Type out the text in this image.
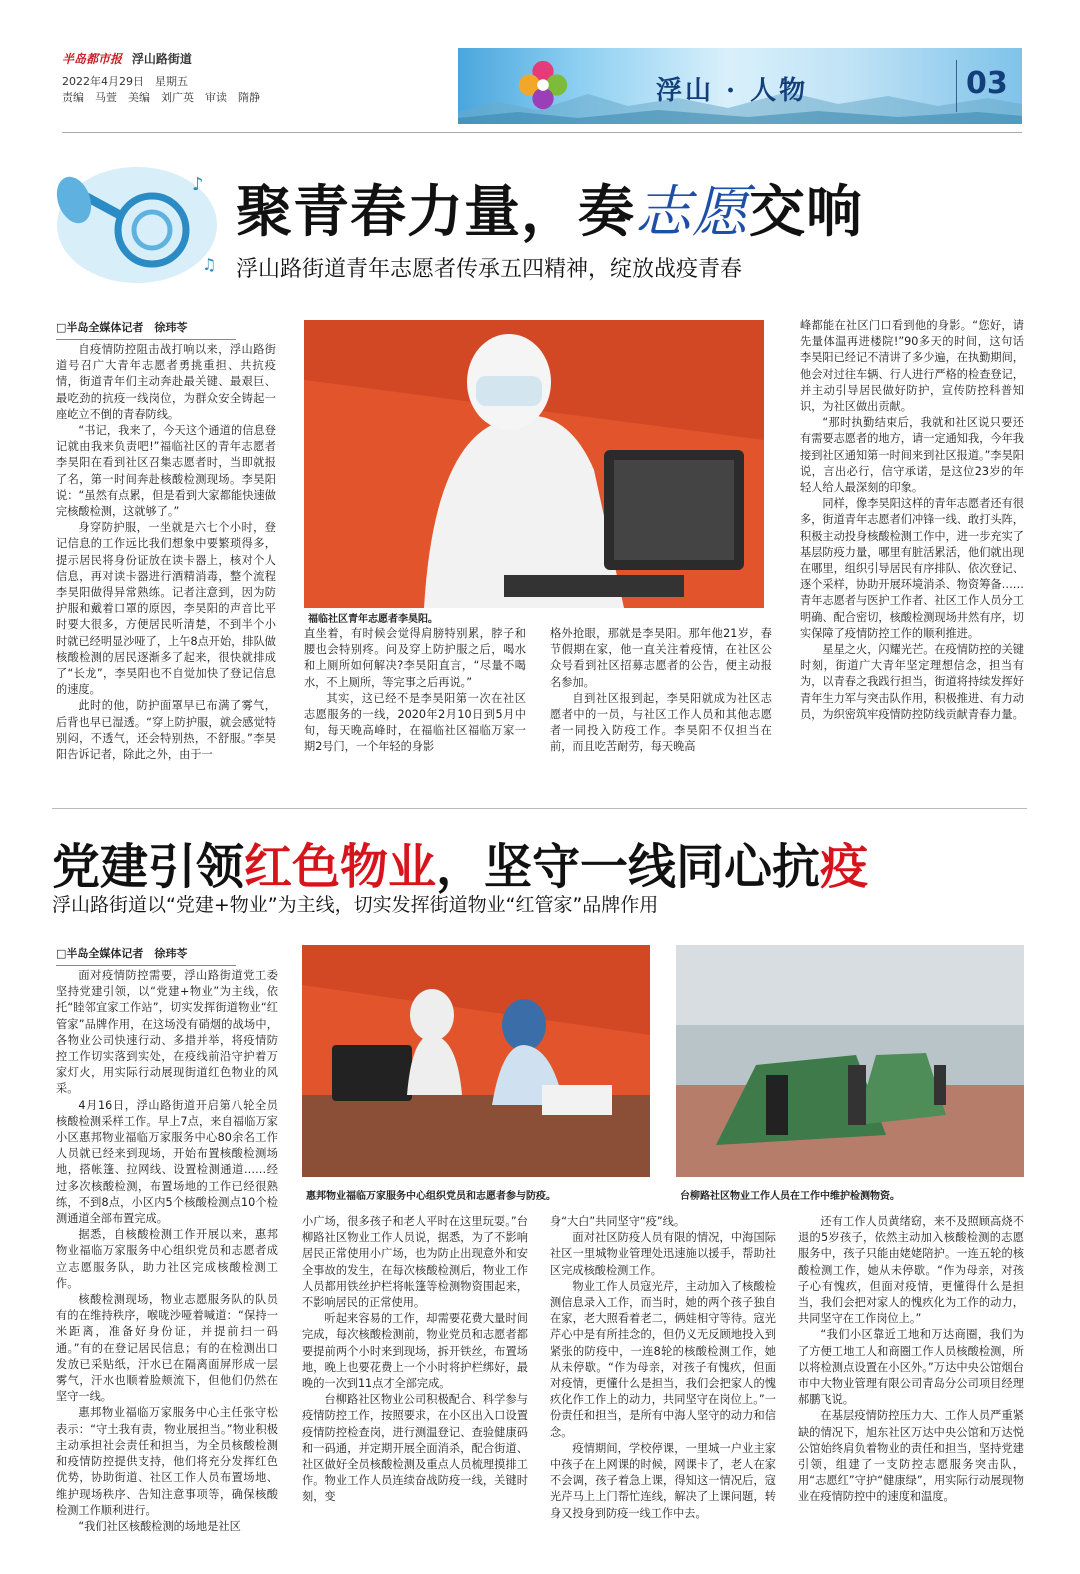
半岛都市报 浮山路街道
2022年4月29日　星期五
责编　马萱　美编　刘广英　审读　隋静	浮山 · 人物	03
♪
♫
聚青春力量，奏志愿交响
浮山路街道青年志愿者传承五四精神，绽放战疫青春
□半岛全媒体记者　徐玮苓

自疫情防控阻击战打响以来，浮山路街道号召广大青年志愿者勇挑重担、共抗疫情，街道青年们主动奔赴最关键、最艰巨、最吃劲的抗疫一线岗位，为群众安全铸起一座屹立不倒的青春防线。

“书记，我来了，今天这个通道的信息登记就由我来负责吧!”福临社区的青年志愿者李昊阳在看到社区召集志愿者时，当即就报了名，第一时间奔赴核酸检测现场。李昊阳说：“虽然有点累，但是看到大家都能快速做完核酸检测，这就够了。”

身穿防护服，一坐就是六七个小时，登记信息的工作远比我们想象中要繁琐得多，提示居民将身份证放在读卡器上，核对个人信息，再对读卡器进行酒精消毒，整个流程李昊阳做得异常熟练。记者注意到，因为防护服和戴着口罩的原因，李昊阳的声音比平时要大很多，方便居民听清楚，不到半个小时就已经明显沙哑了，上午8点开始，排队做核酸检测的居民逐渐多了起来，很快就排成了“长龙”，李昊阳也不自觉加快了登记信息的速度。

此时的他，防护面罩早已布满了雾气，后背也早已湿透。“穿上防护服，就会感觉特别闷，不透气，还会特别热，不舒服。”李昊阳告诉记者，除此之外，由于一

福临社区青年志愿者李昊阳。

直坐着，有时候会觉得肩膀特别累，脖子和腰也会特别疼。问及穿上防护服之后，喝水和上厕所如何解决?李昊阳直言，“尽量不喝水，不上厕所，等完事之后再说。”

其实，这已经不是李昊阳第一次在社区志愿服务的一线，2020年2月10日到5月中旬，每天晚高峰时，在福临社区福临万家一期2号门，一个年轻的身影

格外抢眼，那就是李昊阳。那年他21岁，春节假期在家，他一直关注着疫情，在社区公众号看到社区招募志愿者的公告，便主动报名参加。

自到社区报到起，李昊阳就成为社区志愿者中的一员，与社区工作人员和其他志愿者一同投入防疫工作。李昊阳不仅担当在前，而且吃苦耐劳，每天晚高

峰都能在社区门口看到他的身影。“您好，请先量体温再进楼院!”90多天的时间，这句话李昊阳已经记不清讲了多少遍，在执勤期间，他会对过往车辆、行人进行严格的检查登记，并主动引导居民做好防护，宣传防控科普知识，为社区做出贡献。

“那时执勤结束后，我就和社区说只要还有需要志愿者的地方，请一定通知我，今年我接到社区通知第一时间来到社区报道。”李昊阳说，言出必行，信守承诺，是这位23岁的年轻人给人最深刻的印象。

同样，像李昊阳这样的青年志愿者还有很多，街道青年志愿者们冲锋一线、敢打头阵，积极主动投身核酸检测工作中，进一步充实了基层防疫力量，哪里有脏活累活，他们就出现在哪里，组织引导居民有序排队、依次登记、逐个采样，协助开展环境消杀、物资筹备……青年志愿者与医护工作者、社区工作人员分工明确、配合密切，核酸检测现场井然有序，切实保障了疫情防控工作的顺利推进。

星星之火，闪耀光芒。在疫情防控的关键时刻，街道广大青年坚定理想信念，担当有为，以青春之我践行担当，街道将持续发挥好青年生力军与突击队作用，积极推进、有力动员，为织密筑牢疫情防控防线贡献青春力量。

党建引领红色物业，坚守一线同心抗疫
浮山路街道以“党建+物业”为主线，切实发挥街道物业“红管家”品牌作用
□半岛全媒体记者　徐玮苓

面对疫情防控需要，浮山路街道党工委坚持党建引领，以“党建+物业”为主线，依托“睦邻宜家工作站”，切实发挥街道物业“红管家”品牌作用，在这场没有硝烟的战场中，各物业公司快速行动、多措并举，将疫情防控工作切实落到实处，在疫线前沿守护着万家灯火，用实际行动展现街道红色物业的风采。

4月16日，浮山路街道开启第八轮全员核酸检测采样工作。早上7点，来自福临万家小区惠邦物业福临万家服务中心80余名工作人员就已经来到现场，开始布置核酸检测场地，搭帐篷、拉网线、设置检测通道……经过多次核酸检测，布置场地的工作已经很熟练，不到8点，小区内5个核酸检测点10个检测通道全部布置完成。

据悉，自核酸检测工作开展以来，惠邦物业福临万家服务中心组织党员和志愿者成立志愿服务队，助力社区完成核酸检测工作。

核酸检测现场，物业志愿服务队的队员有的在维持秩序，喉咙沙哑着喊道：“保持一米距离，准备好身份证，并提前扫一码通。”有的在登记居民信息；有的在检测出口发放已采贴纸，汗水已在隔离面屏形成一层雾气，汗水也顺着脸颊流下，但他们仍然在坚守一线。

惠邦物业福临万家服务中心主任张守松表示：“守土我有责，物业展担当。”物业积极主动承担社会责任和担当，为全员核酸检测和疫情防控提供支持，他们将充分发挥红色优势，协助街道、社区工作人员布置场地、维护现场秩序、告知注意事项等，确保核酸检测工作顺利进行。

“我们社区核酸检测的场地是社区

惠邦物业福临万家服务中心组织党员和志愿者参与防疫。	台柳路社区物业工作人员在工作中维护检测物资。

小广场，很多孩子和老人平时在这里玩耍。”台柳路社区物业工作人员说，据悉，为了不影响居民正常使用小广场，也为防止出现意外和安全事故的发生，在每次核酸检测后，物业工作人员都用铁丝护栏将帐篷等检测物资围起来，不影响居民的正常使用。

听起来容易的工作，却需要花费大量时间完成，每次核酸检测前，物业党员和志愿者都要提前两个小时来到现场，拆开铁丝，布置场地，晚上也要花费上一个小时将护栏绑好，最晚的一次到11点才全部完成。

台柳路社区物业公司积极配合、科学参与疫情防控工作，按照要求，在小区出入口设置疫情防控检查岗，进行测温登记、查验健康码和一码通，并定期开展全面消杀，配合街道、社区做好全员核酸检测及重点人员梳理摸排工作。物业工作人员连续奋战防疫一线，关键时刻，变

身“大白”共同坚守“疫”线。

面对社区防疫人员有限的情况，中海国际社区一里城物业管理处迅速施以援手，帮助社区完成核酸检测工作。

物业工作人员寇光芹，主动加入了核酸检测信息录入工作，而当时，她的两个孩子独自在家，老大照看着老二，俩娃相守等待。寇光芹心中是有所挂念的，但仍义无反顾地投入到紧张的防疫中，一连8轮的核酸检测工作，她从未停歇。“作为母亲，对孩子有愧疚，但面对疫情，更懂什么是担当，我们会把家人的愧疚化作工作上的动力，共同坚守在岗位上。”一份责任和担当，是所有中海人坚守的动力和信念。

疫情期间，学校停课，一里城一户业主家中孩子在上网课的时候，网课卡了，老人在家不会调，孩子着急上课，得知这一情况后，寇光芹马上上门帮忙连线，解决了上课问题，转身又投身到防疫一线工作中去。

还有工作人员黄绪窈，来不及照顾高烧不退的5岁孩子，依然主动加入核酸检测的志愿服务中，孩子只能由姥姥陪护。一连五轮的核酸检测工作，她从未停歇。“作为母亲，对孩子心有愧疚，但面对疫情，更懂得什么是担当，我们会把对家人的愧疚化为工作的动力，共同坚守在工作岗位上。”

“我们小区靠近工地和万达商圈，我们为了方便工地工人和商圈工作人员核酸检测，所以将检测点设置在小区外。”万达中央公馆烟台市中大物业管理有限公司青岛分公司项目经理郝鹏飞说。

在基层疫情防控压力大、工作人员严重紧缺的情况下，旭东社区万达中央公馆和万达悦公馆始终肩负着物业的责任和担当，坚持党建引领，组建了一支防控志愿服务突击队，用“志愿红”守护“健康绿”，用实际行动展现物业在疫情防控中的速度和温度。
